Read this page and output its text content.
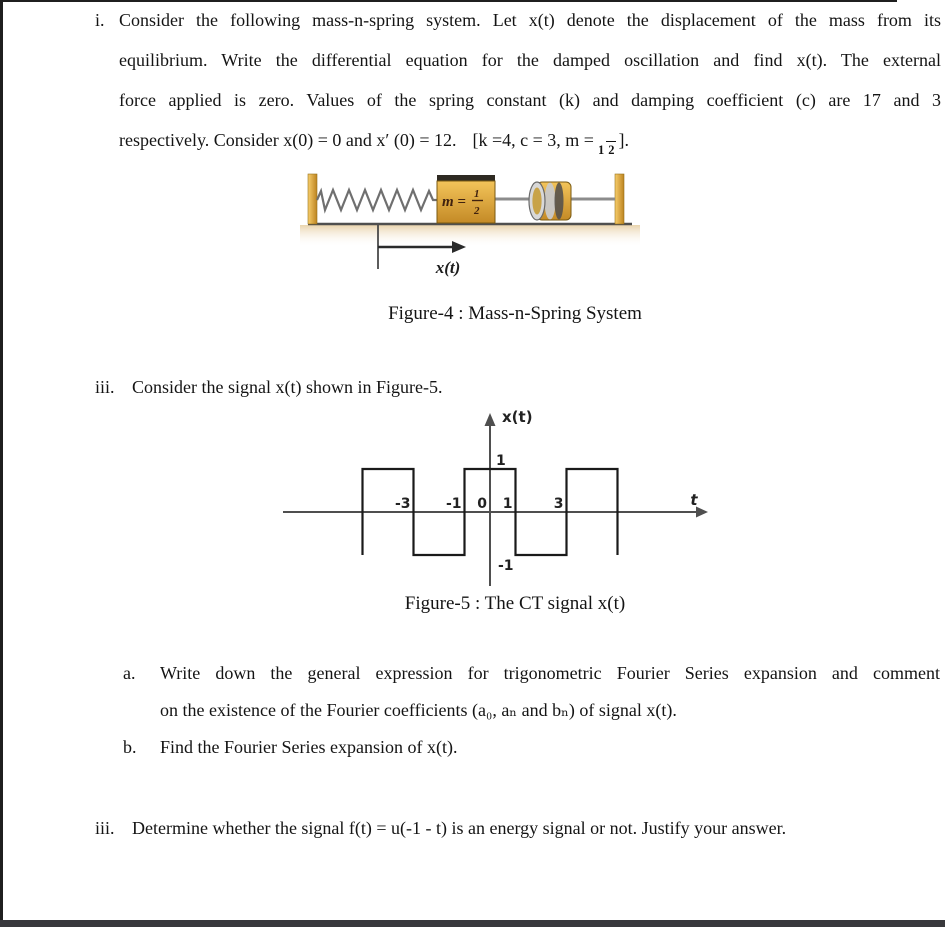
i. Consider the following mass-n-spring system. Let x(t) denote the displacement of the mass from its
equilibrium. Write the differential equation for the damped oscillation and find x(t). The external
force applied is zero. Values of the spring constant (k) and damping coefficient (c) are 17 and 3
respectively. Consider x(0) = 0 and x′ (0) = 12. [k =4, c = 3, m = 1 2 ].
m = 1
2
x(t)
Figure-4 : Mass-n-Spring System
iii. Consider the signal x(t) shown in Figure-5.
-3	-1 0 1	3
1
-1
x(t)
t
Figure-5 : The CT signal x(t)
a. Write down the general expression for trigonometric Fourier Series expansion and comment
on the existence of the Fourier coefficients (a₀, aₙ and bₙ) of signal x(t).
b. Find the Fourier Series expansion of x(t).
iii. Determine whether the signal f(t) = u(-1 - t) is an energy signal or not. Justify your answer.
